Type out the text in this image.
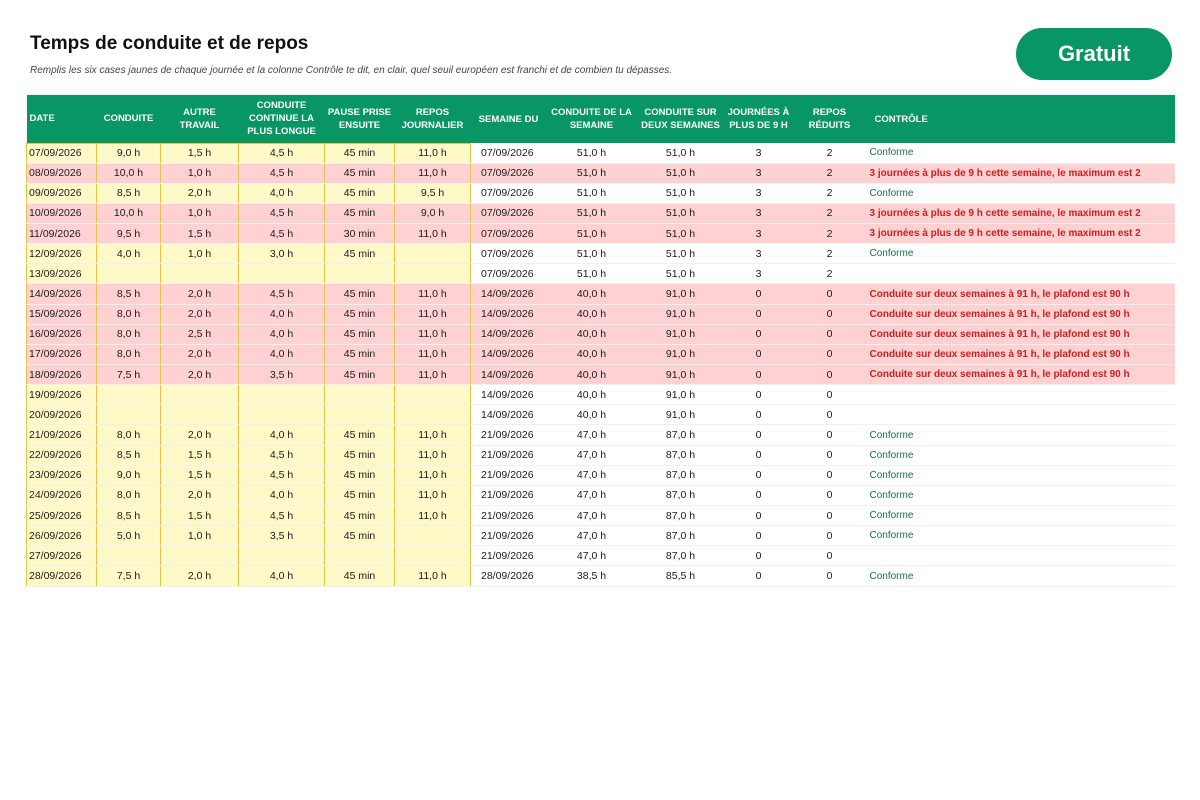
Temps de conduite et de repos
Remplis les six cases jaunes de chaque journée et la colonne Contrôle te dit, en clair, quel seuil européen est franchi et de combien tu dépasses.
Gratuit
DATE	CONDUITE	AUTRE TRAVAIL	CONDUITE CONTINUE LA PLUS LONGUE	PAUSE PRISE ENSUITE	REPOS JOURNALIER	SEMAINE DU	CONDUITE DE LA SEMAINE	CONDUITE SUR DEUX SEMAINES	JOURNÉES À PLUS DE 9 H	REPOS RÉDUITS	CONTRÔLE
07/09/2026	9,0 h	1,5 h	4,5 h	45 min	11,0 h	07/09/2026	51,0 h	51,0 h	3	2	Conforme
08/09/2026	10,0 h	1,0 h	4,5 h	45 min	11,0 h	07/09/2026	51,0 h	51,0 h	3	2	3 journées à plus de 9 h cette semaine, le maximum est 2
09/09/2026	8,5 h	2,0 h	4,0 h	45 min	9,5 h	07/09/2026	51,0 h	51,0 h	3	2	Conforme
10/09/2026	10,0 h	1,0 h	4,5 h	45 min	9,0 h	07/09/2026	51,0 h	51,0 h	3	2	3 journées à plus de 9 h cette semaine, le maximum est 2
11/09/2026	9,5 h	1,5 h	4,5 h	30 min	11,0 h	07/09/2026	51,0 h	51,0 h	3	2	3 journées à plus de 9 h cette semaine, le maximum est 2
12/09/2026	4,0 h	1,0 h	3,0 h	45 min		07/09/2026	51,0 h	51,0 h	3	2	Conforme
13/09/2026						07/09/2026	51,0 h	51,0 h	3	2	
14/09/2026	8,5 h	2,0 h	4,5 h	45 min	11,0 h	14/09/2026	40,0 h	91,0 h	0	0	Conduite sur deux semaines à 91 h, le plafond est 90 h
15/09/2026	8,0 h	2,0 h	4,0 h	45 min	11,0 h	14/09/2026	40,0 h	91,0 h	0	0	Conduite sur deux semaines à 91 h, le plafond est 90 h
16/09/2026	8,0 h	2,5 h	4,0 h	45 min	11,0 h	14/09/2026	40,0 h	91,0 h	0	0	Conduite sur deux semaines à 91 h, le plafond est 90 h
17/09/2026	8,0 h	2,0 h	4,0 h	45 min	11,0 h	14/09/2026	40,0 h	91,0 h	0	0	Conduite sur deux semaines à 91 h, le plafond est 90 h
18/09/2026	7,5 h	2,0 h	3,5 h	45 min	11,0 h	14/09/2026	40,0 h	91,0 h	0	0	Conduite sur deux semaines à 91 h, le plafond est 90 h
19/09/2026						14/09/2026	40,0 h	91,0 h	0	0	
20/09/2026						14/09/2026	40,0 h	91,0 h	0	0	
21/09/2026	8,0 h	2,0 h	4,0 h	45 min	11,0 h	21/09/2026	47,0 h	87,0 h	0	0	Conforme
22/09/2026	8,5 h	1,5 h	4,5 h	45 min	11,0 h	21/09/2026	47,0 h	87,0 h	0	0	Conforme
23/09/2026	9,0 h	1,5 h	4,5 h	45 min	11,0 h	21/09/2026	47,0 h	87,0 h	0	0	Conforme
24/09/2026	8,0 h	2,0 h	4,0 h	45 min	11,0 h	21/09/2026	47,0 h	87,0 h	0	0	Conforme
25/09/2026	8,5 h	1,5 h	4,5 h	45 min	11,0 h	21/09/2026	47,0 h	87,0 h	0	0	Conforme
26/09/2026	5,0 h	1,0 h	3,5 h	45 min		21/09/2026	47,0 h	87,0 h	0	0	Conforme
27/09/2026						21/09/2026	47,0 h	87,0 h	0	0	
28/09/2026	7,5 h	2,0 h	4,0 h	45 min	11,0 h	28/09/2026	38,5 h	85,5 h	0	0	Conforme
